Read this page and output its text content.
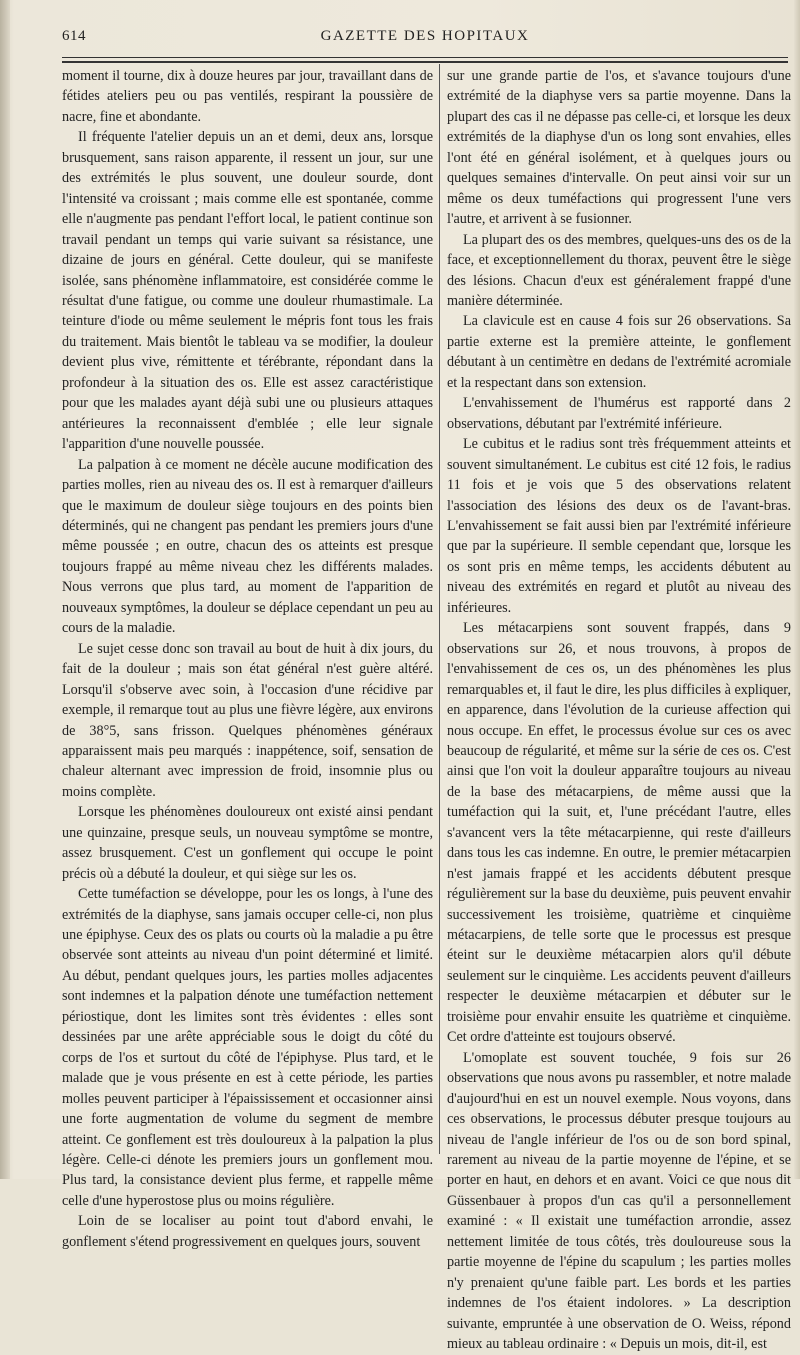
614	GAZETTE DES HOPITAUX

moment il tourne, dix à douze heures par jour, travaillant dans de fétides ateliers peu ou pas ventilés, respirant la poussière de nacre, fine et abondante.

Il fréquente l'atelier depuis un an et demi, deux ans, lorsque brusquement, sans raison apparente, il ressent un jour, sur une des extrémités le plus souvent, une douleur sourde, dont l'intensité va croissant ; mais comme elle est spontanée, comme elle n'augmente pas pendant l'effort local, le patient continue son travail pendant un temps qui varie suivant sa résistance, une dizaine de jours en général. Cette douleur, qui se manifeste isolée, sans phénomène inflammatoire, est considérée comme le résultat d'une fatigue, ou comme une douleur rhumastimale. La teinture d'iode ou même seulement le mépris font tous les frais du traitement. Mais bientôt le tableau va se modifier, la douleur devient plus vive, rémittente et térébrante, répondant dans la profondeur à la situation des os. Elle est assez caractéristique pour que les malades ayant déjà subi une ou plusieurs attaques antérieures la reconnaissent d'emblée ; elle leur signale l'apparition d'une nouvelle poussée.

La palpation à ce moment ne décèle aucune modification des parties molles, rien au niveau des os. Il est à remarquer d'ailleurs que le maximum de douleur siège toujours en des points bien déterminés, qui ne changent pas pendant les premiers jours d'une même poussée ; en outre, chacun des os atteints est presque toujours frappé au même niveau chez les différents malades. Nous verrons que plus tard, au moment de l'apparition de nouveaux symptômes, la douleur se déplace cependant un peu au cours de la maladie.

Le sujet cesse donc son travail au bout de huit à dix jours, du fait de la douleur ; mais son état général n'est guère altéré. Lorsqu'il s'observe avec soin, à l'occasion d'une récidive par exemple, il remarque tout au plus une fièvre légère, aux environs de 38°5, sans frisson. Quelques phénomènes généraux apparaissent mais peu marqués : inappétence, soif, sensation de chaleur alternant avec impression de froid, insomnie plus ou moins complète.

Lorsque les phénomènes douloureux ont existé ainsi pendant une quinzaine, presque seuls, un nouveau symptôme se montre, assez brusquement. C'est un gonflement qui occupe le point précis où a débuté la douleur, et qui siège sur les os.

Cette tuméfaction se développe, pour les os longs, à l'une des extrémités de la diaphyse, sans jamais occuper celle-ci, non plus une épiphyse. Ceux des os plats ou courts où la maladie a pu être observée sont atteints au niveau d'un point déterminé et limité. Au début, pendant quelques jours, les parties molles adjacentes sont indemnes et la palpation dénote une tuméfaction nettement périostique, dont les limites sont très évidentes : elles sont dessinées par une arête appréciable sous le doigt du côté du corps de l'os et surtout du côté de l'épiphyse. Plus tard, et le malade que je vous présente en est à cette période, les parties molles peuvent participer à l'épaississement et occasionner ainsi une forte augmentation de volume du segment de membre atteint. Ce gonflement est très douloureux à la palpation la plus légère. Celle-ci dénote les premiers jours un gonflement mou. Plus tard, la consistance devient plus ferme, et rappelle même celle d'une hyperostose plus ou moins régulière.

Loin de se localiser au point tout d'abord envahi, le gonflement s'étend progressivement en quelques jours, souvent

sur une grande partie de l'os, et s'avance toujours d'une extrémité de la diaphyse vers sa partie moyenne. Dans la plupart des cas il ne dépasse pas celle-ci, et lorsque les deux extrémités de la diaphyse d'un os long sont envahies, elles l'ont été en général isolément, et à quelques jours ou quelques semaines d'intervalle. On peut ainsi voir sur un même os deux tuméfactions qui progressent l'une vers l'autre, et arrivent à se fusionner.

La plupart des os des membres, quelques-uns des os de la face, et exceptionnellement du thorax, peuvent être le siège des lésions. Chacun d'eux est généralement frappé d'une manière déterminée.

La clavicule est en cause 4 fois sur 26 observations. Sa partie externe est la première atteinte, le gonflement débutant à un centimètre en dedans de l'extrémité acromiale et la respectant dans son extension.

L'envahissement de l'humérus est rapporté dans 2 observations, débutant par l'extrémité inférieure.

Le cubitus et le radius sont très fréquemment atteints et souvent simultanément. Le cubitus est cité 12 fois, le radius 11 fois et je vois que 5 des observations relatent l'association des lésions des deux os de l'avant-bras. L'envahissement se fait aussi bien par l'extrémité inférieure que par la supérieure. Il semble cependant que, lorsque les os sont pris en même temps, les accidents débutent au niveau des extrémités en regard et plutôt au niveau des inférieures.

Les métacarpiens sont souvent frappés, dans 9 observations sur 26, et nous trouvons, à propos de l'envahissement de ces os, un des phénomènes les plus remarquables et, il faut le dire, les plus difficiles à expliquer, en apparence, dans l'évolution de la curieuse affection qui nous occupe. En effet, le processus évolue sur ces os avec beaucoup de régularité, et même sur la série de ces os. C'est ainsi que l'on voit la douleur apparaître toujours au niveau de la base des métacarpiens, de même aussi que la tuméfaction qui la suit, et, l'une précédant l'autre, elles s'avancent vers la tête métacarpienne, qui reste d'ailleurs dans tous les cas indemne. En outre, le premier métacarpien n'est jamais frappé et les accidents débutent presque régulièrement sur la base du deuxième, puis peuvent envahir successivement les troisième, quatrième et cinquième métacarpiens, de telle sorte que le processus est presque éteint sur le deuxième métacarpien alors qu'il débute seulement sur le cinquième. Les accidents peuvent d'ailleurs respecter le deuxième métacarpien et débuter sur le troisième pour envahir ensuite les quatrième et cinquième. Cet ordre d'atteinte est toujours observé.

L'omoplate est souvent touchée, 9 fois sur 26 observations que nous avons pu rassembler, et notre malade d'aujourd'hui en est un nouvel exemple. Nous voyons, dans ces observations, le processus débuter presque toujours au niveau de l'angle inférieur de l'os ou de son bord spinal, rarement au niveau de la partie moyenne de l'épine, et se porter en haut, en dehors et en avant. Voici ce que nous dit Güssenbauer à propos d'un cas qu'il a personnellement examiné : « Il existait une tuméfaction arrondie, assez nettement limitée de tous côtés, très douloureuse sous la partie moyenne de l'épine du scapulum ; les parties molles n'y prenaient qu'une faible part. Les bords et les parties indemnes de l'os étaient indolores. » La description suivante, empruntée à une observation de O. Weiss, répond mieux au tableau ordinaire : « Depuis un mois, dit-il, est
